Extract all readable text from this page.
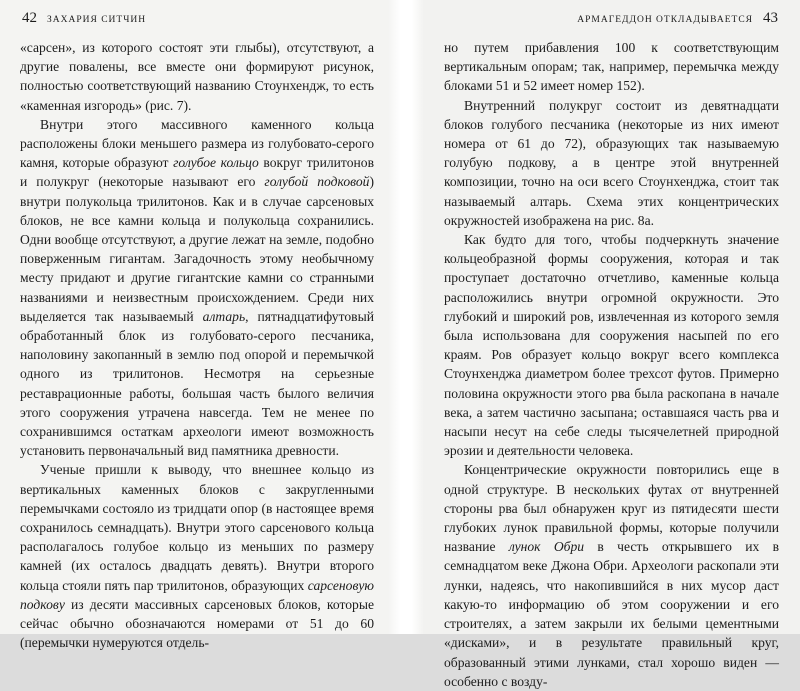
42 ЗАХАРИЯ СИТЧИН

«сарсен», из которого состоят эти глыбы), отсутствуют, а другие повалены, все вместе они формируют рисунок, полностью соответствующий названию Стоунхендж, то есть «каменная изгородь» (рис. 7).

Внутри этого массивного каменного кольца расположены блоки меньшего размера из голубовато-серого камня, которые образуют голубое кольцо вокруг трилитонов и полукруг (некоторые называют его голубой подковой) внутри полукольца трилитонов. Как и в случае сарсеновых блоков, не все камни кольца и полукольца сохранились. Одни вообще отсутствуют, а другие лежат на земле, подобно поверженным гигантам. Загадочность этому необычному месту придают и другие гигантские камни со странными названиями и неизвестным происхождением. Среди них выделяется так называемый алтарь, пятнадцатифутовый обработанный блок из голубовато-серого песчаника, наполовину закопанный в землю под опорой и перемычкой одного из трилитонов. Несмотря на серьезные реставрационные работы, большая часть былого величия этого сооружения утрачена навсегда. Тем не менее по сохранившимся остаткам археологи имеют возможность установить первоначальный вид памятника древности.

Ученые пришли к выводу, что внешнее кольцо из вертикальных каменных блоков с закругленными перемычками состояло из тридцати опор (в настоящее время сохранилось семнадцать). Внутри этого сарсенового кольца располагалось голубое кольцо из меньших по размеру камней (их осталось двадцать девять). Внутри второго кольца стояли пять пар трилитонов, образующих сарсеновую подкову из десяти массивных сарсеновых блоков, которые сейчас обычно обозначаются номерами от 51 до 60 (перемычки нумеруются отдель-

АРМАГЕДДОН ОТКЛАДЫВАЕТСЯ 43

но путем прибавления 100 к соответствующим вертикальным опорам; так, например, перемычка между блоками 51 и 52 имеет номер 152).

Внутренний полукруг состоит из девятнадцати блоков голубого песчаника (некоторые из них имеют номера от 61 до 72), образующих так называемую голубую подкову, а в центре этой внутренней композиции, точно на оси всего Стоунхенджа, стоит так называемый алтарь. Схема этих концентрических окружностей изображена на рис. 8а.

Как будто для того, чтобы подчеркнуть значение кольцеобразной формы сооружения, которая и так проступает достаточно отчетливо, каменные кольца расположились внутри огромной окружности. Это глубокий и широкий ров, извлеченная из которого земля была использована для сооружения насыпей по его краям. Ров образует кольцо вокруг всего комплекса Стоунхенджа диаметром более трехсот футов. Примерно половина окружности этого рва была раскопана в начале века, а затем частично засыпана; оставшаяся часть рва и насыпи несут на себе следы тысячелетней природной эрозии и деятельности человека.

Концентрические окружности повторились еще в одной структуре. В нескольких футах от внутренней стороны рва был обнаружен круг из пятидесяти шести глубоких лунок правильной формы, которые получили название лунок Обри в честь открывшего их в семнадцатом веке Джона Обри. Археологи раскопали эти лунки, надеясь, что накопившийся в них мусор даст какую-то информацию об этом сооружении и его строителях, а затем закрыли их белыми цементными «дисками», и в результате правильный круг, образованный этими лунками, стал хорошо виден — особенно с возду-
